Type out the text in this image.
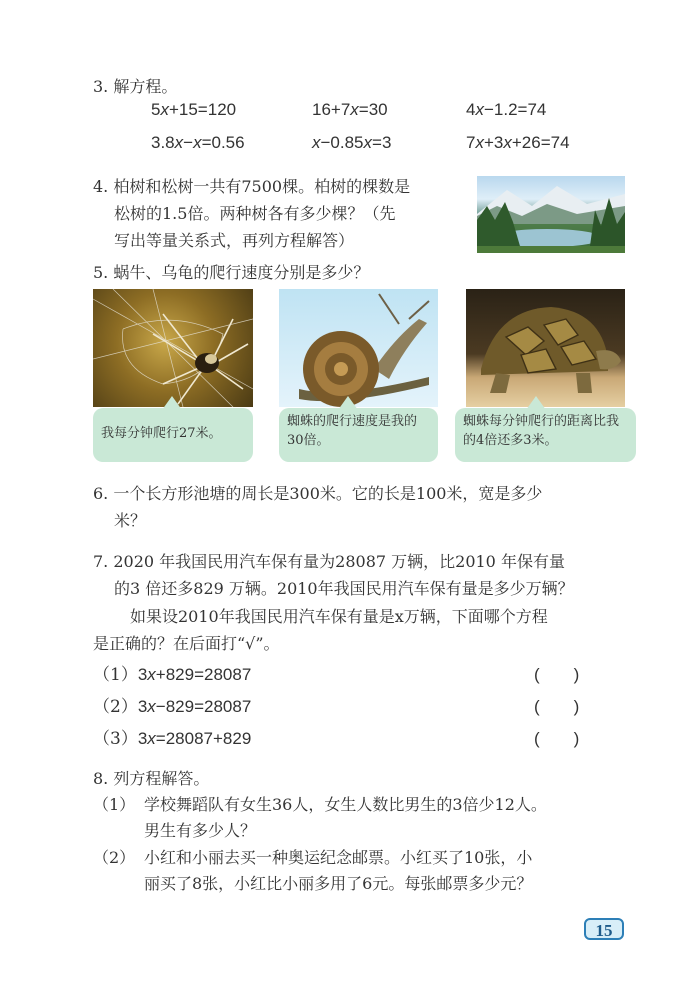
3. 解方程。
5x+15=120	16+7x=30	4x−1.2=74
3.8x−x=0.56	x−0.85x=3	7x+3x+26=74
4. 柏树和松树一共有7500棵。柏树的棵数是
松树的1.5倍。两种树各有多少棵？（先
写出等量关系式，再列方程解答）
5. 蜗牛、乌龟的爬行速度分别是多少？
我每分钟爬行27米。
蜘蛛的爬行速度是我的30倍。
蜘蛛每分钟爬行的距离比我的4倍还多3米。
6. 一个长方形池塘的周长是300米。它的长是100米，宽是多少
米？
7. 2020 年我国民用汽车保有量为28087 万辆，比2010 年保有量
的3 倍还多829 万辆。2010年我国民用汽车保有量是多少万辆？
如果设2010年我国民用汽车保有量是x万辆，下面哪个方程
是正确的？在后面打“√”。
（1）3x+829=28087	(　　)
（2）3x−829=28087	(　　)
（3）3x=28087+829	(　　)
8. 列方程解答。
（1） 学校舞蹈队有女生36人，女生人数比男生的3倍少12人。
男生有多少人？
（2） 小红和小丽去买一种奥运纪念邮票。小红买了10张，小
丽买了8张，小红比小丽多用了6元。每张邮票多少元？
15
